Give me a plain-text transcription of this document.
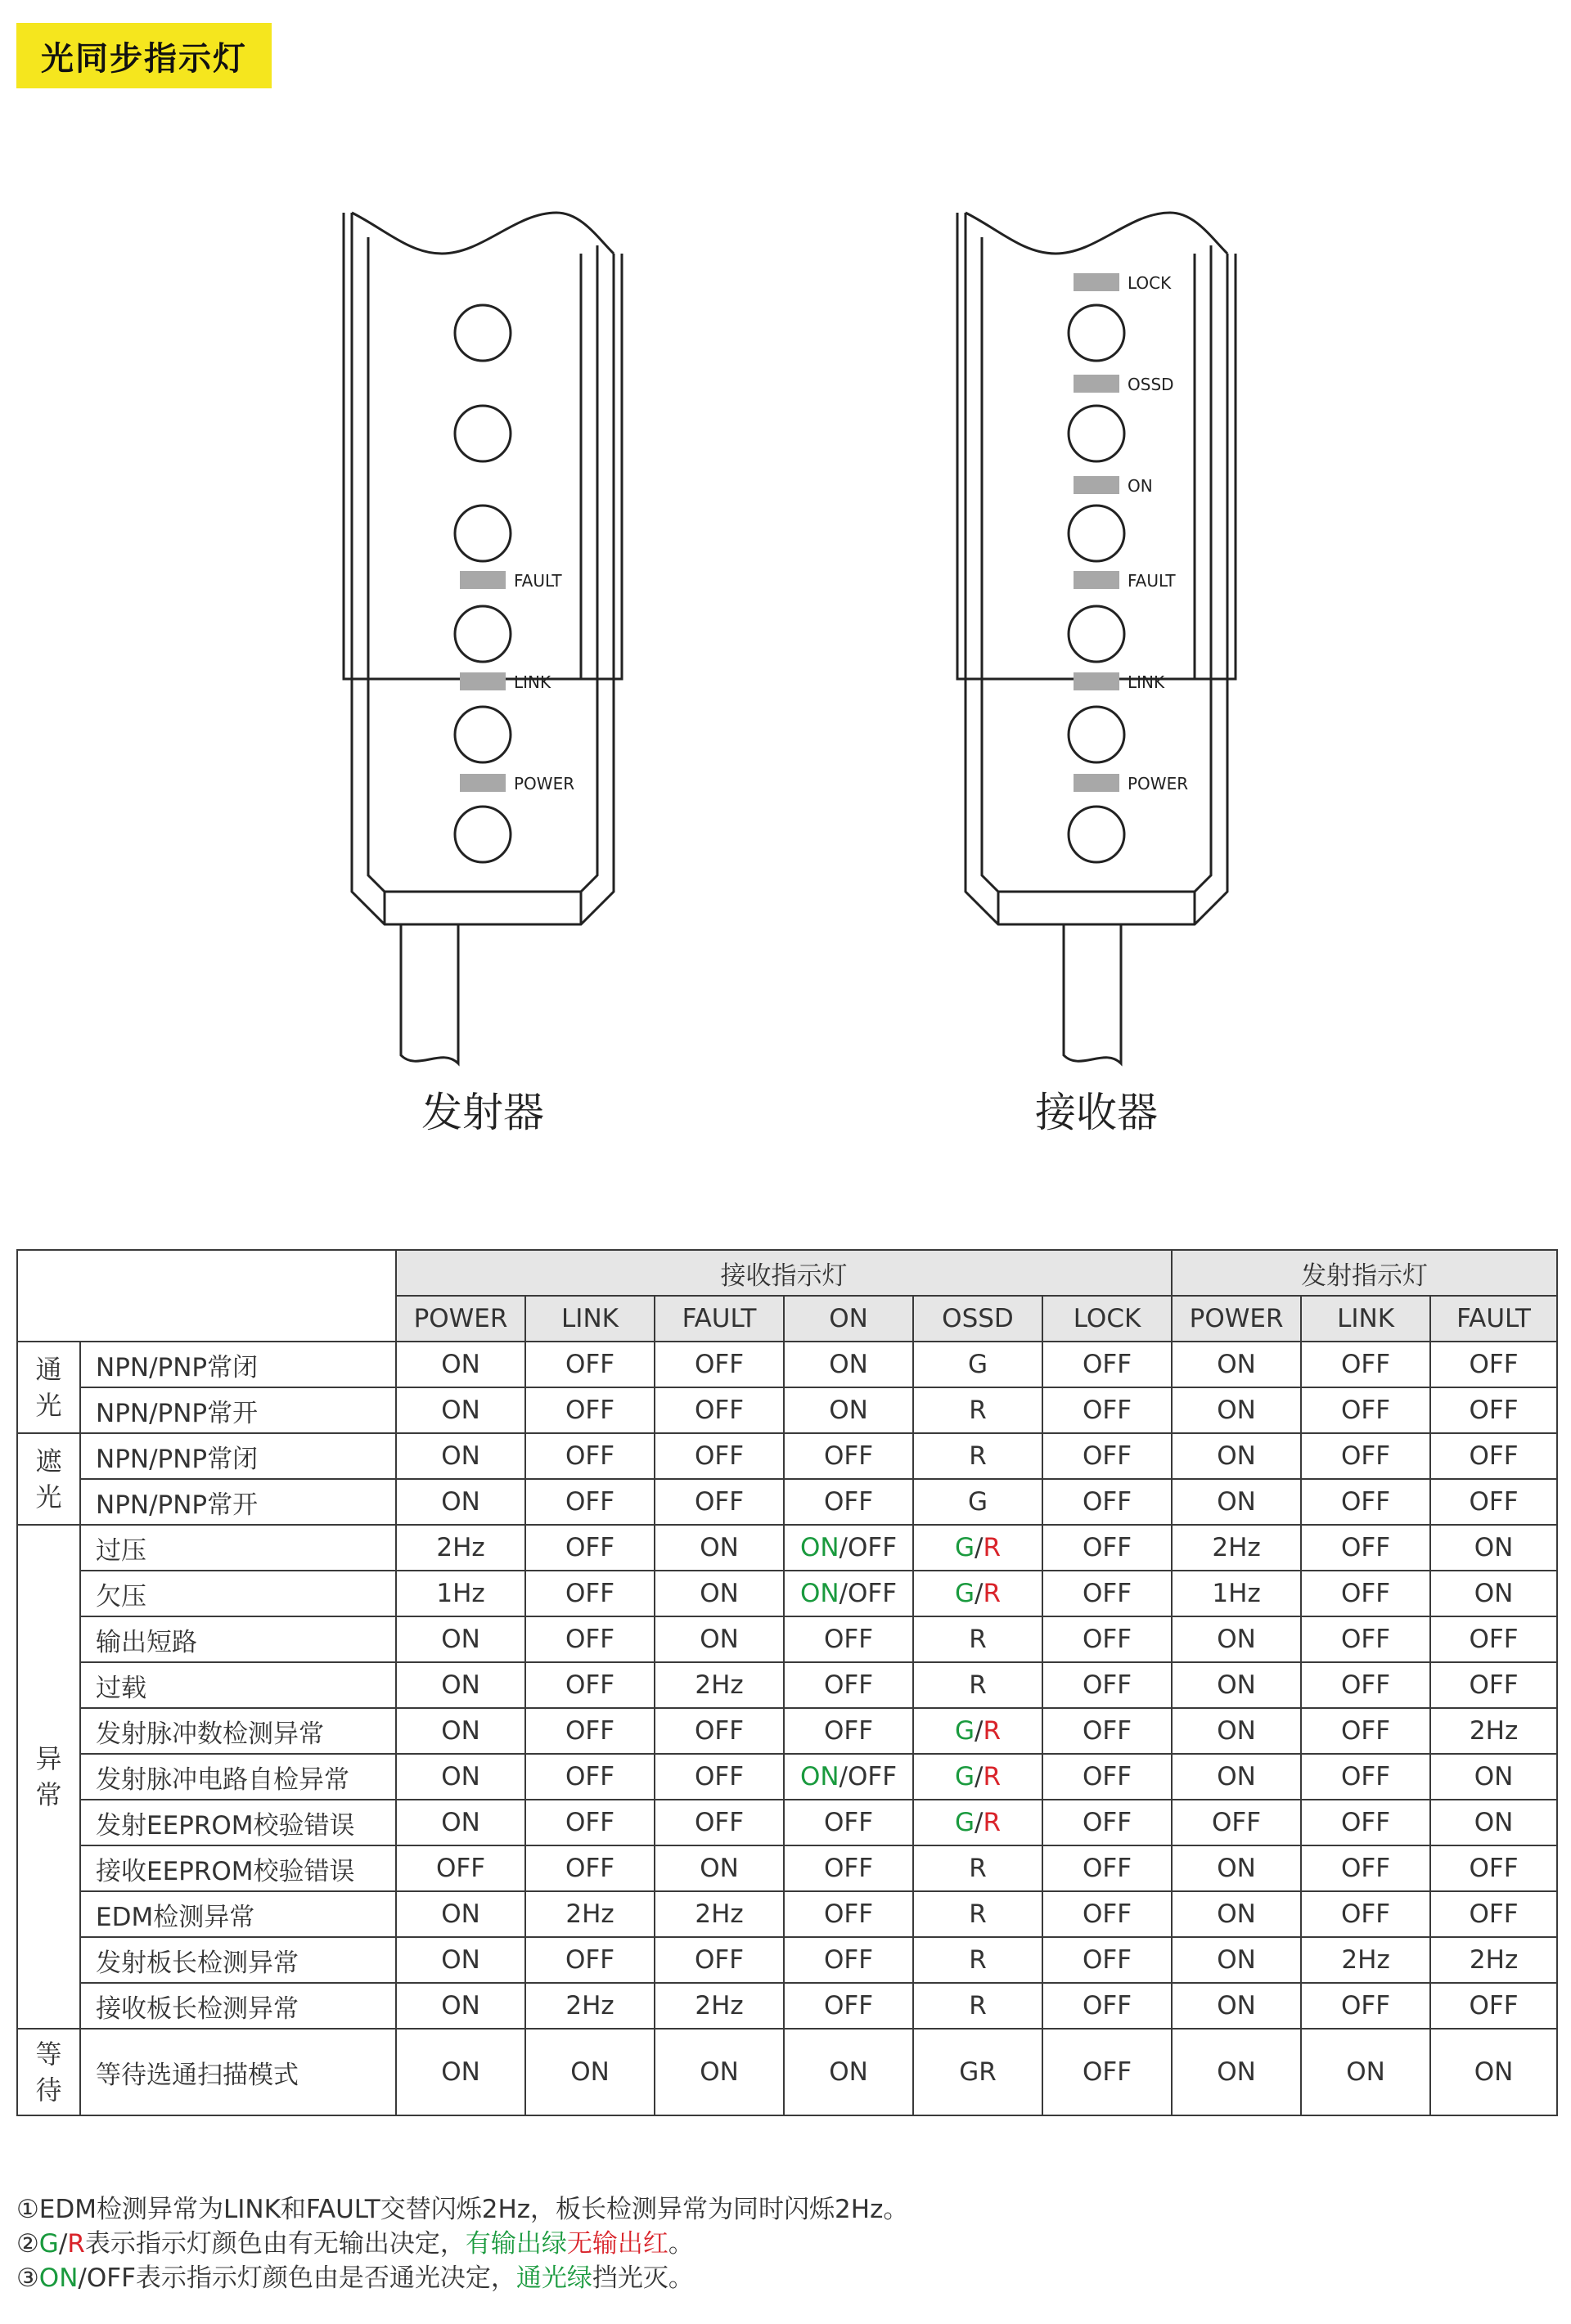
光同步指示灯
FAULT
LINK
POWER
发射器
LOCK
OSSD
ON
FAULT
LINK
POWER
接收器
		接收指示灯						发射指示灯		
		POWER	LINK	FAULT	ON	OSSD	LOCK	POWER	LINK	FAULT
通光	NPN/PNP常闭	ON	OFF	OFF	ON	G	OFF	ON	OFF	OFF
	NPN/PNP常开	ON	OFF	OFF	ON	R	OFF	ON	OFF	OFF
遮光	NPN/PNP常闭	ON	OFF	OFF	OFF	R	OFF	ON	OFF	OFF
	NPN/PNP常开	ON	OFF	OFF	OFF	G	OFF	ON	OFF	OFF
异常	过压	2Hz	OFF	ON	ON/OFF	G/R	OFF	2Hz	OFF	ON
	欠压	1Hz	OFF	ON	ON/OFF	G/R	OFF	1Hz	OFF	ON
	输出短路	ON	OFF	ON	OFF	R	OFF	ON	OFF	OFF
	过载	ON	OFF	2Hz	OFF	R	OFF	ON	OFF	OFF
	发射脉冲数检测异常	ON	OFF	OFF	OFF	G/R	OFF	ON	OFF	2Hz
	发射脉冲电路自检异常	ON	OFF	OFF	ON/OFF	G/R	OFF	ON	OFF	ON
	发射EEPROM校验错误	ON	OFF	OFF	OFF	G/R	OFF	OFF	OFF	ON
	接收EEPROM校验错误	OFF	OFF	ON	OFF	R	OFF	ON	OFF	OFF
	EDM检测异常	ON	2Hz	2Hz	OFF	R	OFF	ON	OFF	OFF
	发射板长检测异常	ON	OFF	OFF	OFF	R	OFF	ON	2Hz	2Hz
	接收板长检测异常	ON	2Hz	2Hz	OFF	R	OFF	ON	OFF	OFF
等待	等待选通扫描模式	ON	ON	ON	ON	GR	OFF	ON	ON	ON
①EDM检测异常为LINK和FAULT交替闪烁2Hz，板长检测异常为同时闪烁2Hz。
②G/R表示指示灯颜色由有无输出决定，有输出绿无输出红。
③ON/OFF表示指示灯颜色由是否通光决定，通光绿挡光灭。
